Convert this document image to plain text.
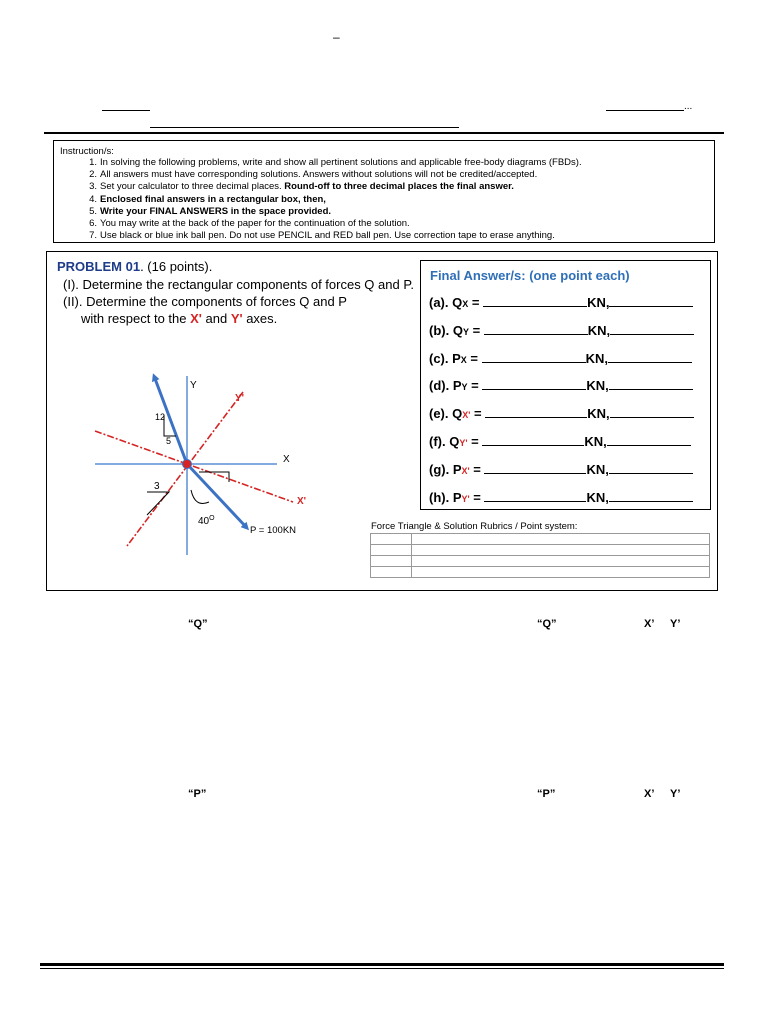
–
...
Instruction/s:
1. In solving the following problems, write and show all pertinent solutions and applicable free-body diagrams (FBDs).
2. All answers must have corresponding solutions. Answers without solutions will not be credited/accepted.
3. Set your calculator to three decimal places. Round-off to three decimal places the final answer.
4. Enclosed final answers in a rectangular box, then,
5. Write your FINAL ANSWERS in the space provided.
6. You may write at the back of the paper for the continuation of the solution.
7. Use black or blue ink ball pen. Do not use PENCIL and RED ball pen. Use correction tape to erase anything.
PROBLEM 01. (16 points).
(I). Determine the rectangular components of forces Q and P.
(II). Determine the components of forces Q and P
with respect to the X' and Y' axes.
12
5
3
Y
X
Y'
X'
$40^O$
P = 100KN
Final Answer/s: (one point each)
(a). QX =	KN,
(b). QY =	KN,
(c). PX =	KN,
(d). PY =	KN,
(e). QX' =	KN,
(f). QY' =	KN,
(g). PX' =	KN,
(h). PY' =	KN,
Force Triangle & Solution Rubrics / Point system:

“Q”	“Q”	X’ Y’
“P”	“P”	X’ Y’
